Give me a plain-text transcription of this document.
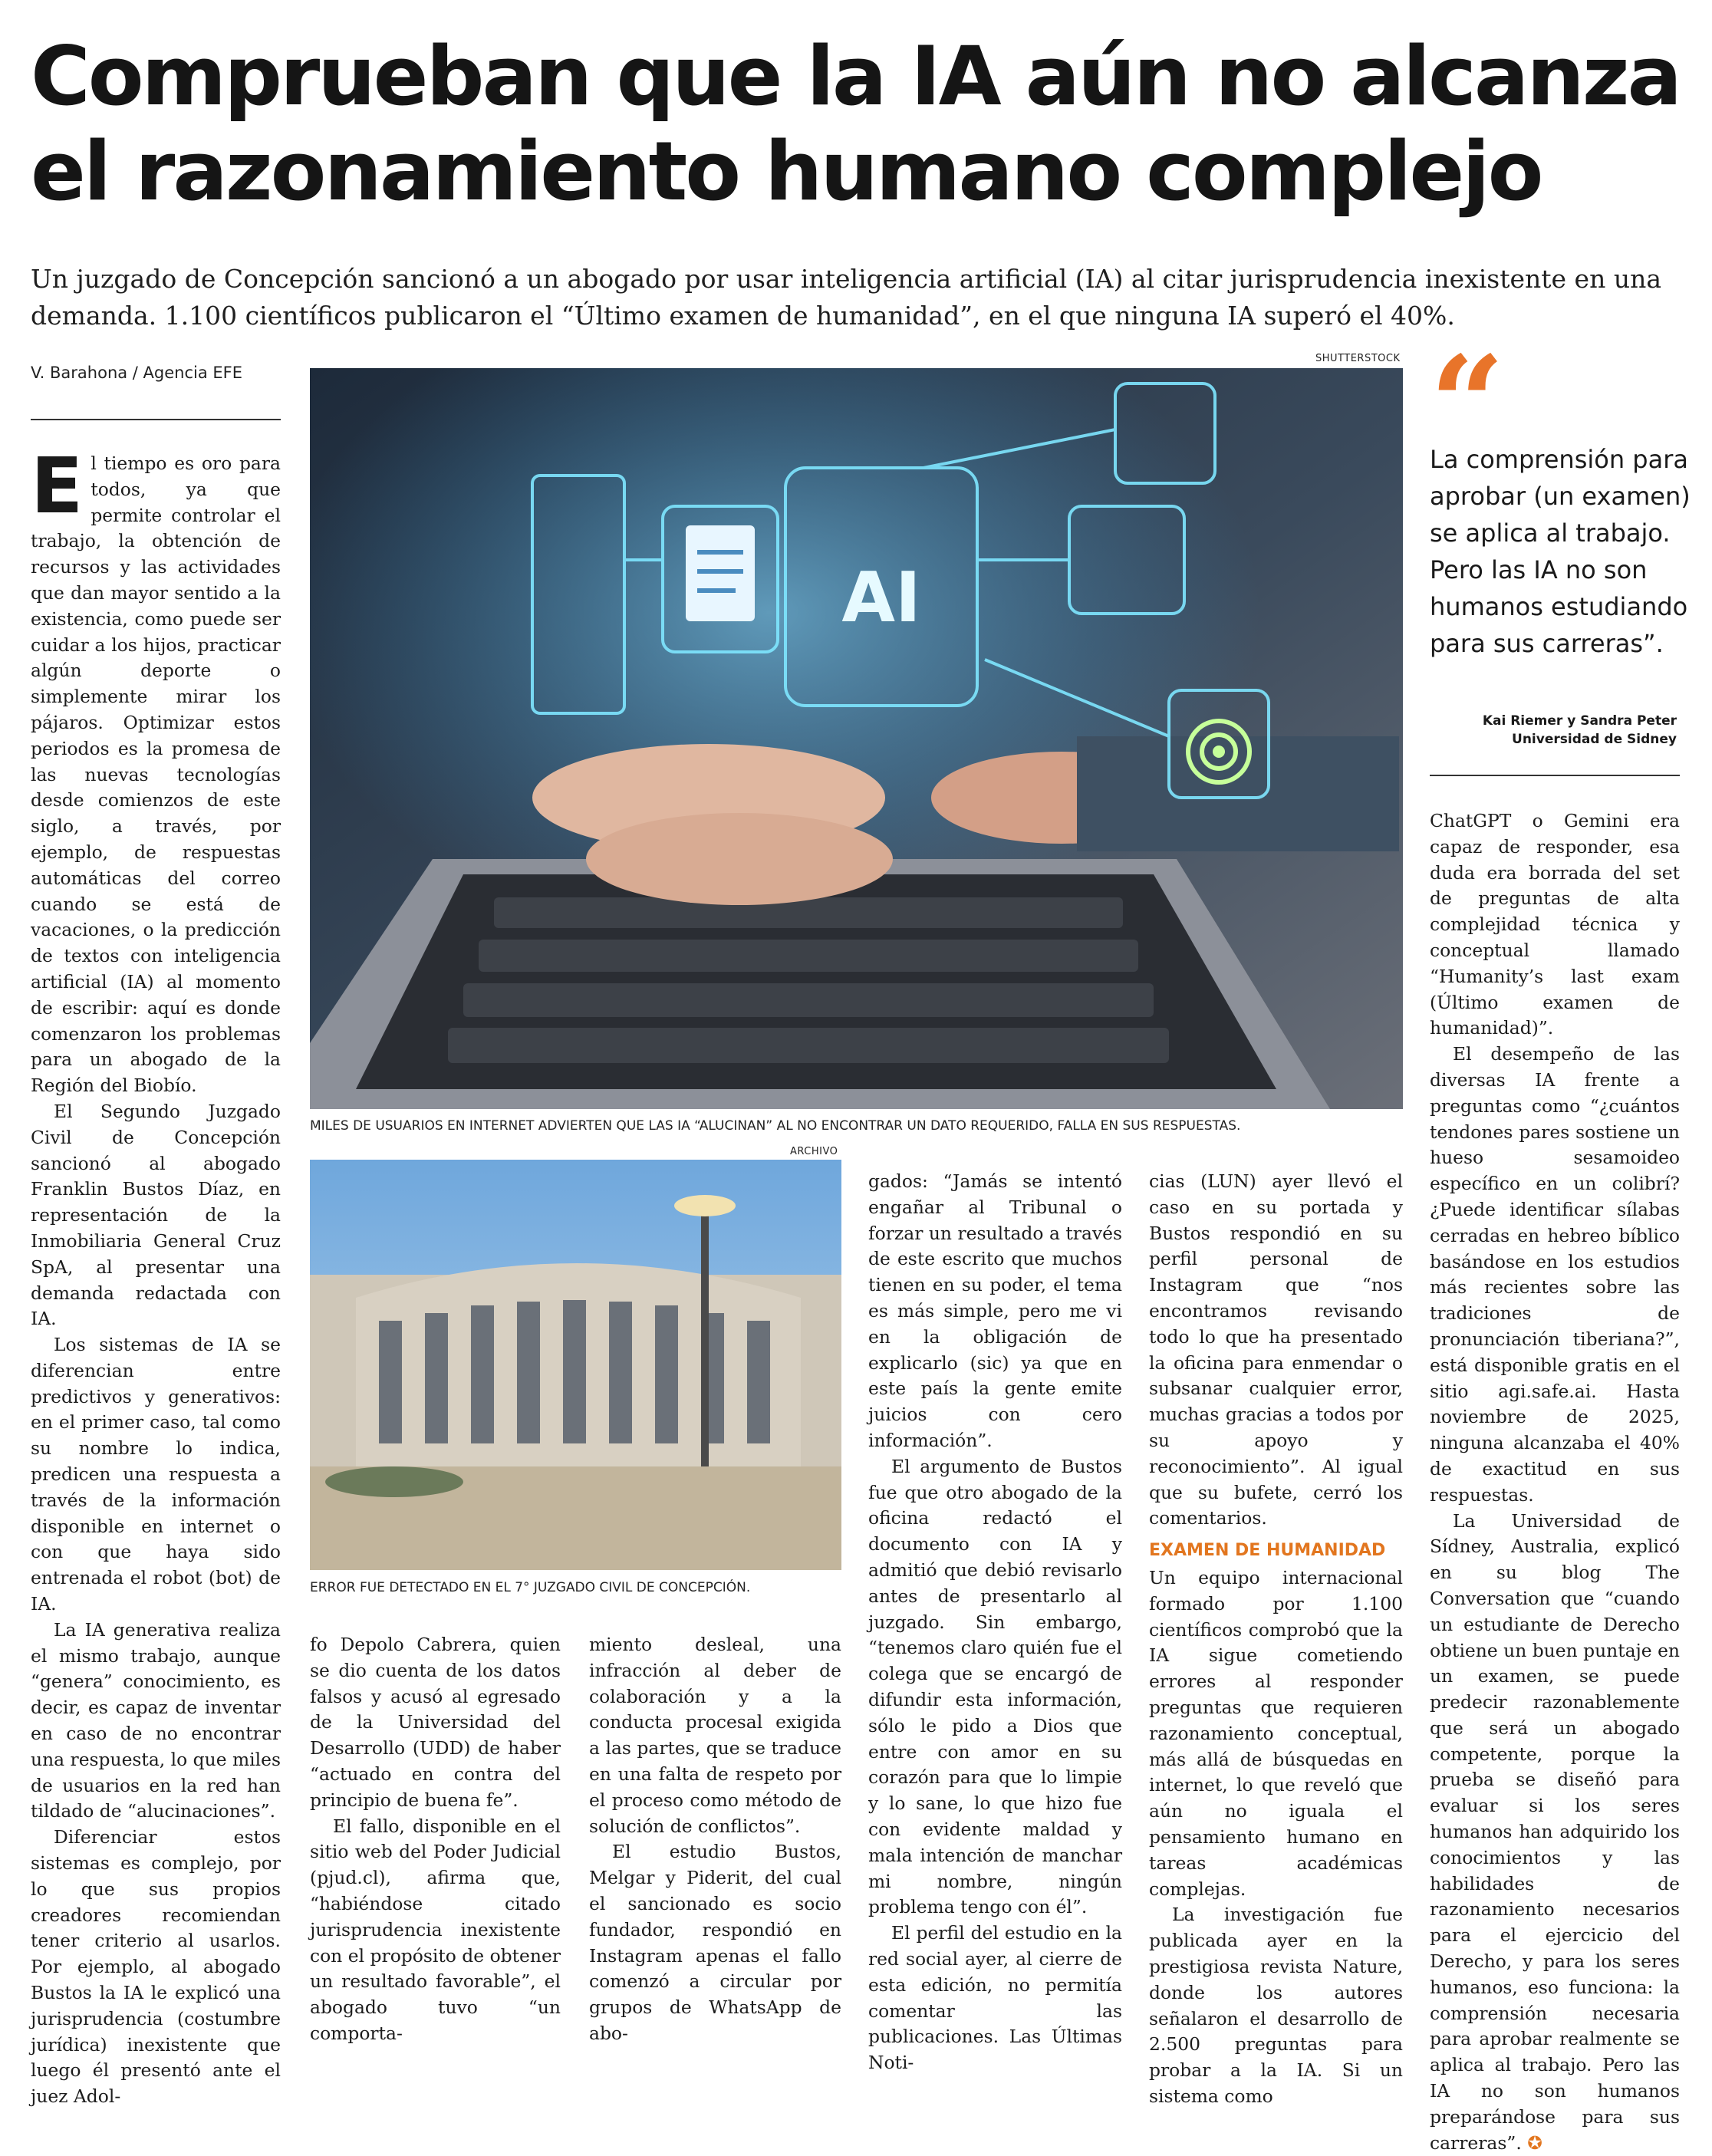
Comprueban que la IA aún no alcanza
el razonamiento humano complejo

Un juzgado de Concepción sancionó a un abogado por usar inteligencia artificial (IA) al citar jurisprudencia inexistente en una demanda. 1.100 científicos publicaron el “Último examen de humanidad”, en el que ninguna IA superó el 40%.

V. Barahona / Agencia EFE
SHUTTERSTOCK
AI
MILES DE USUARIOS EN INTERNET ADVIERTEN QUE LAS IA “ALUCINAN” AL NO ENCONTRAR UN DATO REQUERIDO, FALLA EN SUS RESPUESTAS.
ARCHIVO
ERROR FUE DETECTADO EN EL 7° JUZGADO CIVIL DE CONCEPCIÓN.
“
La comprensión para aprobar (un examen) se aplica al trabajo. Pero las IA no son humanos estudiando para sus carreras”.
Kai Riemer y Sandra Peter
Universidad de Sidney

El tiempo es oro para todos, ya que permite controlar el trabajo, la obtención de recursos y las actividades que dan mayor sentido a la existencia, como puede ser cuidar a los hijos, practicar algún deporte o simplemente mirar los pájaros. Optimizar estos periodos es la promesa de las nuevas tecnologías desde comienzos de este siglo, a través, por ejemplo, de respuestas automáticas del correo cuando se está de vacaciones, o la predicción de textos con inteligencia artificial (IA) al momento de escribir: aquí es donde comenzaron los problemas para un abogado de la Región del Biobío.

El Segundo Juzgado Civil de Concepción sancionó al abogado Franklin Bustos Díaz, en representación de la Inmobiliaria General Cruz SpA, al presentar una demanda redactada con IA.

Los sistemas de IA se diferencian entre predictivos y generativos: en el primer caso, tal como su nombre lo indica, predicen una respuesta a través de la información disponible en internet o con que haya sido entrenada el robot (bot) de IA.

La IA generativa realiza el mismo trabajo, aunque “genera” conocimiento, es decir, es capaz de inventar en caso de no encontrar una respuesta, lo que miles de usuarios en la red han tildado de “alucinaciones”.

Diferenciar estos sistemas es complejo, por lo que sus propios creadores recomiendan tener criterio al usarlos. Por ejemplo, al abogado Bustos la IA le explicó una jurisprudencia (costumbre jurídica) inexistente que luego él presentó ante el juez Adol-

fo Depolo Cabrera, quien se dio cuenta de los datos falsos y acusó al egresado de la Universidad del Desarrollo (UDD) de haber “actuado en contra del principio de buena fe”.

El fallo, disponible en el sitio web del Poder Judicial (pjud.cl), afirma que, “habiéndose citado jurisprudencia inexistente con el propósito de obtener un resultado favorable”, el abogado tuvo “un comporta-

miento desleal, una infracción al deber de colaboración y a la conducta procesal exigida a las partes, que se traduce en una falta de respeto por el proceso como método de solución de conflictos”.

El estudio Bustos, Melgar y Piderit, del cual el sancionado es socio fundador, respondió en Instagram apenas el fallo comenzó a circular por grupos de WhatsApp de abo-

gados: “Jamás se intentó engañar al Tribunal o forzar un resultado a través de este escrito que muchos tienen en su poder, el tema es más simple, pero me vi en la obligación de explicarlo (sic) ya que en este país la gente emite juicios con cero información”.

El argumento de Bustos fue que otro abogado de la oficina redactó el documento con IA y admitió que debió revisarlo antes de presentarlo al juzgado. Sin embargo, “tenemos claro quién fue el colega que se encargó de difundir esta información, sólo le pido a Dios que entre con amor en su corazón para que lo limpie y lo sane, lo que hizo fue con evidente maldad y mala intención de manchar mi nombre, ningún problema tengo con él”.

El perfil del estudio en la red social ayer, al cierre de esta edición, no permitía comentar las publicaciones. Las Últimas Noti-

cias (LUN) ayer llevó el caso en su portada y Bustos respondió en su perfil personal de Instagram que “nos encontramos revisando todo lo que ha presentado la oficina para enmendar o subsanar cualquier error, muchas gracias a todos por su apoyo y reconocimiento”. Al igual que su bufete, cerró los comentarios.

EXAMEN DE HUMANIDAD

Un equipo internacional formado por 1.100 científicos comprobó que la IA sigue cometiendo errores al responder preguntas que requieren razonamiento conceptual, más allá de búsquedas en internet, lo que reveló que aún no iguala el pensamiento humano en tareas académicas complejas.

La investigación fue publicada ayer en la prestigiosa revista Nature, donde los autores señalaron el desarrollo de 2.500 preguntas para probar a la IA. Si un sistema como

ChatGPT o Gemini era capaz de responder, esa duda era borrada del set de preguntas de alta complejidad técnica y conceptual llamado “Humanity’s last exam (Último examen de humanidad)”.

El desempeño de las diversas IA frente a preguntas como “¿cuántos tendones pares sostiene un hueso sesamoideo específico en un colibrí? ¿Puede identificar sílabas cerradas en hebreo bíblico basándose en los estudios más recientes sobre las tradiciones de pronunciación tiberiana?”, está disponible gratis en el sitio agi.safe.ai. Hasta noviembre de 2025, ninguna alcanzaba el 40% de exactitud en sus respuestas.

La Universidad de Sídney, Australia, explicó en su blog The Conversation que “cuando un estudiante de Derecho obtiene un buen puntaje en un examen, se puede predecir razonablemente que será un abogado competente, porque la prueba se diseñó para evaluar si los seres humanos han adquirido los conocimientos y las habilidades de razonamiento necesarios para el ejercicio del Derecho, y para los seres humanos, eso funciona: la comprensión necesaria para aprobar realmente se aplica al trabajo. Pero las IA no son humanos preparándose para sus carreras”. ✪
